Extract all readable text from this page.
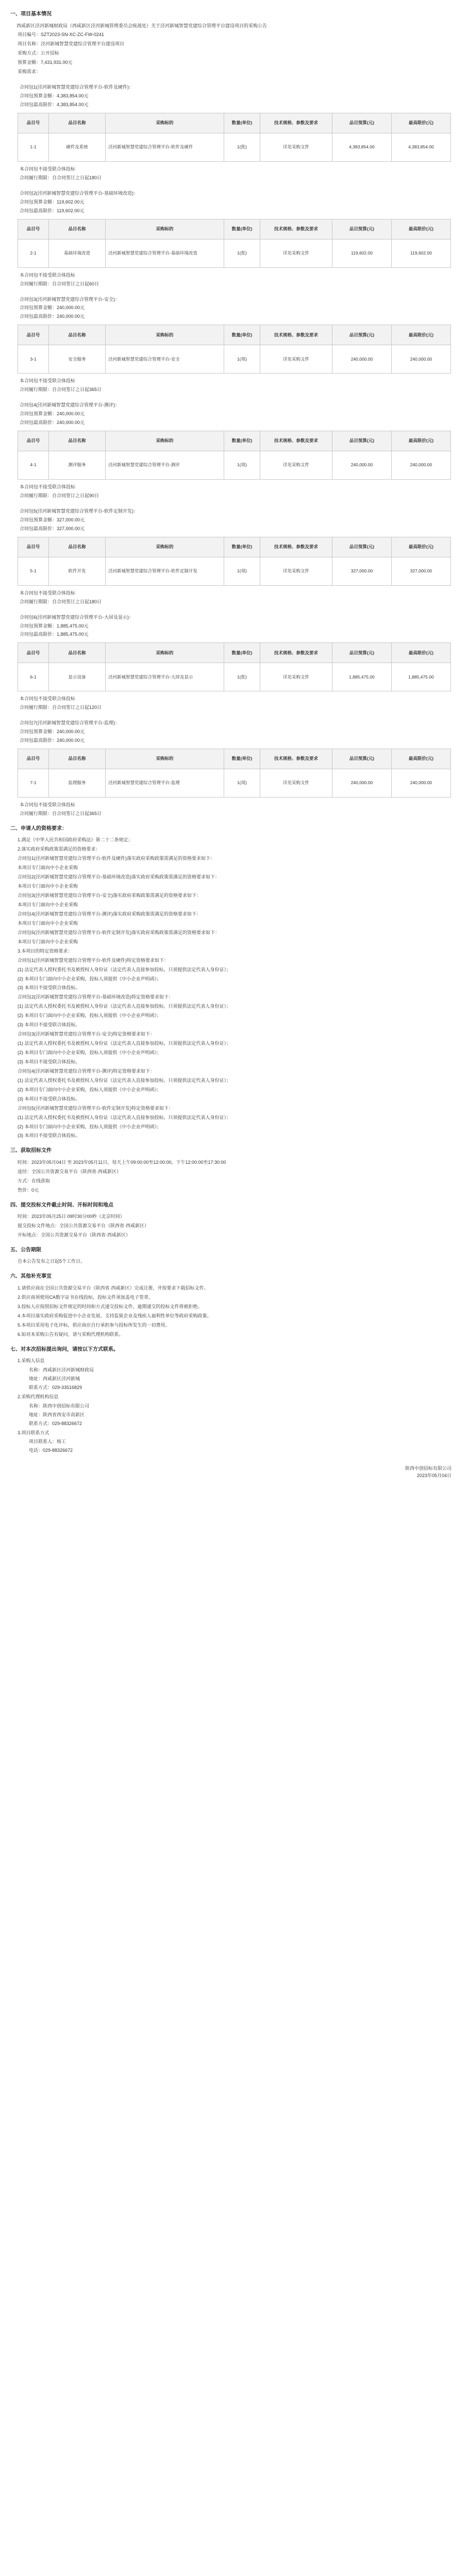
一、项目基本情况
西咸新区泾河新城财政局（西咸新区泾河新城管理委员会统战处）关于泾河新城智慧党建综合管理平台建设项目的采购公告
项目编号：SZT2023-SN-XC-ZC-FW-0241
项目名称：泾河新城智慧党建综合管理平台建设项目
采购方式：公开招标
预算金额：7,431,931.00元
采购需求：
合同包1(泾河新城智慧党建综合管理平台-软件及硬件)：
合同包预算金额：4,383,854.00元
合同包最高限价：4,383,854.00元
品目号	品目名称	采购标的	数量(单位)	技术规格、参数及要求	品目预算(元)	最高限价(元)
1-1	硬件及系统	泾河新城智慧党建综合管理平台-软件及硬件	1(批)	详见采购文件	4,383,854.00	4,383,854.00
本合同包不接受联合体投标
合同履行期限：自合同签订之日起180日
合同包2(泾河新城智慧党建综合管理平台-基础环境改造)：
合同包预算金额：119,602.00元
合同包最高限价：119,602.00元
品目号	品目名称	采购标的	数量(单位)	技术规格、参数及要求	品目预算(元)	最高限价(元)
2-1	基础环境改造	泾河新城智慧党建综合管理平台-基础环境改造	1(批)	详见采购文件	119,602.00	119,602.00
本合同包不接受联合体投标
合同履行期限：自合同签订之日起60日
合同包3(泾河新城智慧党建综合管理平台-安全)：
合同包预算金额：240,000.00元
合同包最高限价：240,000.00元
品目号	品目名称	采购标的	数量(单位)	技术规格、参数及要求	品目预算(元)	最高限价(元)
3-1	安全服务	泾河新城智慧党建综合管理平台-安全	1(项)	详见采购文件	240,000.00	240,000.00
本合同包不接受联合体投标
合同履行期限：自合同签订之日起365日
合同包4(泾河新城智慧党建综合管理平台-测评)：
合同包预算金额：240,000.00元
合同包最高限价：240,000.00元
品目号	品目名称	采购标的	数量(单位)	技术规格、参数及要求	品目预算(元)	最高限价(元)
4-1	测评服务	泾河新城智慧党建综合管理平台-测评	1(项)	详见采购文件	240,000.00	240,000.00
本合同包不接受联合体投标
合同履行期限：自合同签订之日起90日
合同包5(泾河新城智慧党建综合管理平台-软件定制开发)：
合同包预算金额：327,000.00元
合同包最高限价：327,000.00元
品目号	品目名称	采购标的	数量(单位)	技术规格、参数及要求	品目预算(元)	最高限价(元)
5-1	软件开发	泾河新城智慧党建综合管理平台-软件定制开发	1(项)	详见采购文件	327,000.00	327,000.00
本合同包不接受联合体投标
合同履行期限：自合同签订之日起180日
合同包6(泾河新城智慧党建综合管理平台-大屏及显示)：
合同包预算金额：1,885,475.00元
合同包最高限价：1,885,475.00元
品目号	品目名称	采购标的	数量(单位)	技术规格、参数及要求	品目预算(元)	最高限价(元)
6-1	显示设备	泾河新城智慧党建综合管理平台-大屏及显示	1(批)	详见采购文件	1,885,475.00	1,885,475.00
本合同包不接受联合体投标
合同履行期限：自合同签订之日起120日
合同包7(泾河新城智慧党建综合管理平台-监理)：
合同包预算金额：240,000.00元
合同包最高限价：240,000.00元
品目号	品目名称	采购标的	数量(单位)	技术规格、参数及要求	品目预算(元)	最高限价(元)
7-1	监理服务	泾河新城智慧党建综合管理平台-监理	1(项)	详见采购文件	240,000.00	240,000.00
本合同包不接受联合体投标
合同履行期限：自合同签订之日起365日
二、申请人的资格要求：
1.满足《中华人民共和国政府采购法》第二十二条规定；
2.落实政府采购政策需满足的资格要求：
合同包1(泾河新城智慧党建综合管理平台-软件及硬件)落实政府采购政策需满足的资格要求如下：
本项目专门面向中小企业采购
合同包2(泾河新城智慧党建综合管理平台-基础环境改造)落实政府采购政策需满足的资格要求如下：
本项目专门面向中小企业采购
合同包3(泾河新城智慧党建综合管理平台-安全)落实政府采购政策需满足的资格要求如下：
本项目专门面向中小企业采购
合同包4(泾河新城智慧党建综合管理平台-测评)落实政府采购政策需满足的资格要求如下：
本项目专门面向中小企业采购
合同包5(泾河新城智慧党建综合管理平台-软件定制开发)落实政府采购政策需满足的资格要求如下：
本项目专门面向中小企业采购
3.本项目的特定资格要求：
合同包1(泾河新城智慧党建综合管理平台-软件及硬件)特定资格要求如下：
(1) 法定代表人授权委托书及被授权人身份证（法定代表人直接参加投标，只须提供法定代表人身份证）；
(2) 本项目专门面向中小企业采购，投标人须提供《中小企业声明函》；
(3) 本项目不接受联合体投标。
合同包2(泾河新城智慧党建综合管理平台-基础环境改造)特定资格要求如下：
(1) 法定代表人授权委托书及被授权人身份证（法定代表人直接参加投标，只须提供法定代表人身份证）；
(2) 本项目专门面向中小企业采购，投标人须提供《中小企业声明函》；
(3) 本项目不接受联合体投标。
合同包3(泾河新城智慧党建综合管理平台-安全)特定资格要求如下：
(1) 法定代表人授权委托书及被授权人身份证（法定代表人直接参加投标，只须提供法定代表人身份证）；
(2) 本项目专门面向中小企业采购，投标人须提供《中小企业声明函》；
(3) 本项目不接受联合体投标。
合同包4(泾河新城智慧党建综合管理平台-测评)特定资格要求如下：
(1) 法定代表人授权委托书及被授权人身份证（法定代表人直接参加投标，只须提供法定代表人身份证）；
(2) 本项目专门面向中小企业采购，投标人须提供《中小企业声明函》；
(3) 本项目不接受联合体投标。
合同包5(泾河新城智慧党建综合管理平台-软件定制开发)特定资格要求如下：
(1) 法定代表人授权委托书及被授权人身份证（法定代表人直接参加投标，只须提供法定代表人身份证）；
(2) 本项目专门面向中小企业采购，投标人须提供《中小企业声明函》；
(3) 本项目不接受联合体投标。
三、获取招标文件
时间：2023年05月04日 至 2023年05月11日，每天上午09:00:00至12:00:00，下午12:00:00至17:30:00
途径：全国公共资源交易平台（陕西省·西咸新区）
方式：在线获取
售价：0元
四、提交投标文件截止时间、开标时间和地点
时间：2023年05月25日 09时30分00秒（北京时间）
提交投标文件地点：全国公共资源交易平台（陕西省·西咸新区）
开标地点：全国公共资源交易平台（陕西省·西咸新区）
五、公告期限
自本公告发布之日起5个工作日。
六、其他补充事宜
1.请供应商在全国公共资源交易平台（陕西省·西咸新区）完成注册，并按要求下载招标文件。
2.供应商须使用CA数字证书在线投标，投标文件须加盖电子签章。
3.投标人应按照招标文件规定的时间和方式递交投标文件，逾期递交的投标文件将被拒绝。
4.本项目落实政府采购促进中小企业发展、支持监狱企业及残疾人福利性单位等政府采购政策。
5.本项目采用电子化评标，供应商应自行承担参与投标所发生的一切费用。
6.如对本采购公告有疑问，请与采购代理机构联系。
七、对本次招标提出询问，请按以下方式联系。
1.采购人信息
名称：西咸新区泾河新城财政局
地址：西咸新区泾河新城
联系方式：029-33516829
2.采购代理机构信息
名称：陕西中创招标有限公司
地址：陕西省西安市高新区
联系方式：029-88326672
3.项目联系方式
项目联系人：杨工
电话：029-88326672
陕西中创招标有限公司
2023年05月04日
